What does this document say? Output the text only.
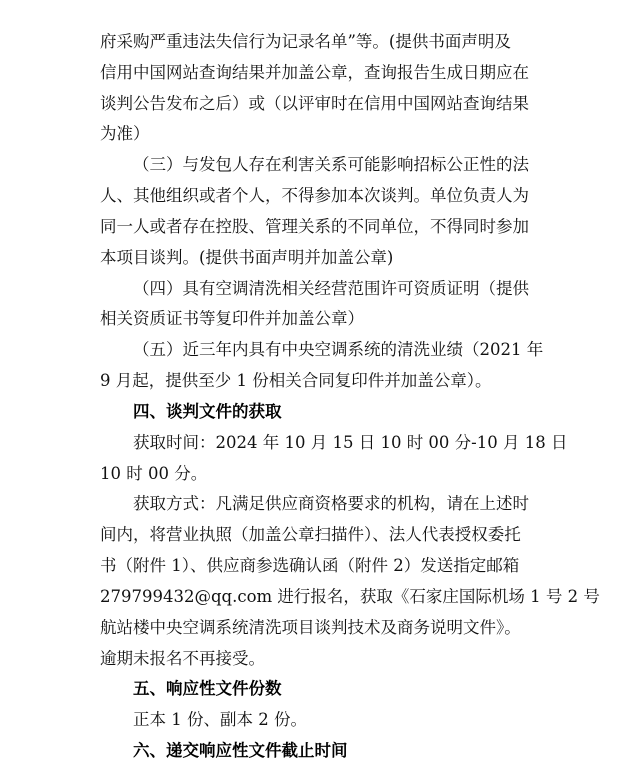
府采购严重违法失信行为记录名单”等。(提供书面声明及
信用中国网站查询结果并加盖公章，查询报告生成日期应在
谈判公告发布之后）或（以评审时在信用中国网站查询结果
为准）
（三）与发包人存在利害关系可能影响招标公正性的法
人、其他组织或者个人，不得参加本次谈判。单位负责人为
同一人或者存在控股、管理关系的不同单位，不得同时参加
本项目谈判。(提供书面声明并加盖公章)
（四）具有空调清洗相关经营范围许可资质证明（提供
相关资质证书等复印件并加盖公章）
（五）近三年内具有中央空调系统的清洗业绩（2021 年
9 月起，提供至少 1 份相关合同复印件并加盖公章）。
四、谈判文件的获取
获取时间：2024 年 10 月 15 日 10 时 00 分-10 月 18 日
10 时 00 分。
获取方式：凡满足供应商资格要求的机构，请在上述时
间内，将营业执照（加盖公章扫描件）、法人代表授权委托
书（附件 1）、供应商参选确认函（附件 2）发送指定邮箱
279799432@qq.com 进行报名，获取《石家庄国际机场 1 号 2 号
航站楼中央空调系统清洗项目谈判技术及商务说明文件》。
逾期未报名不再接受。
五、响应性文件份数
正本 1 份、副本 2 份。
六、递交响应性文件截止时间
